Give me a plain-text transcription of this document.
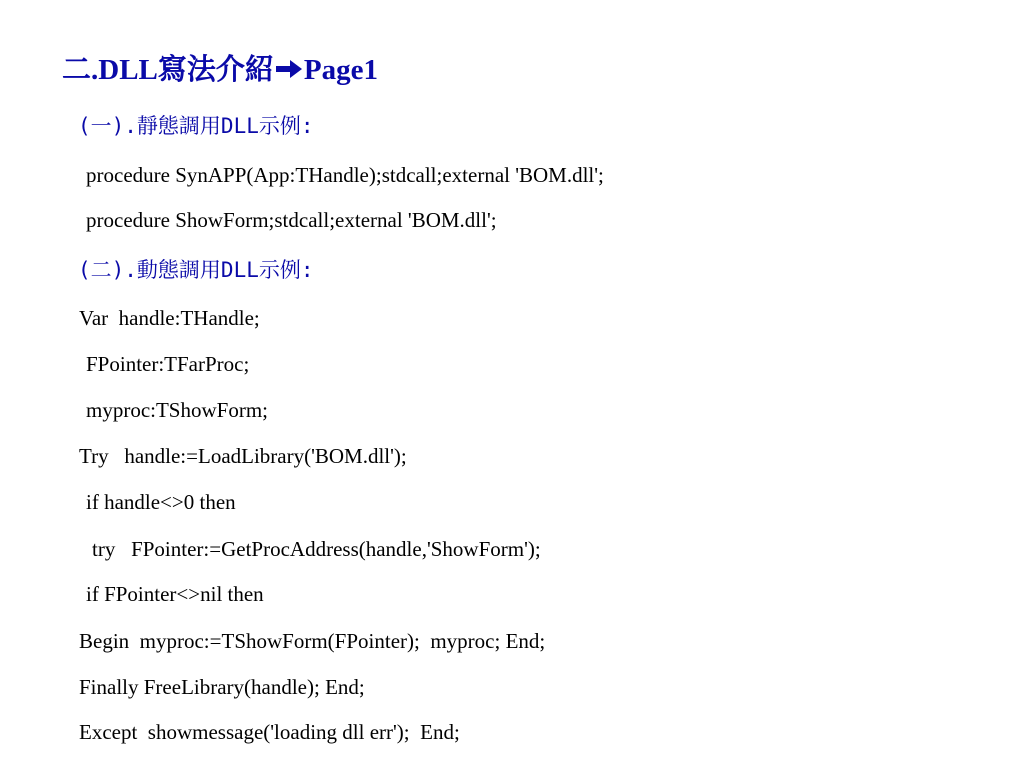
二.DLL寫法介紹 Page1
(一).靜態調用DLL示例:
procedure SynAPP(App:THandle);stdcall;external 'BOM.dll';
procedure ShowForm;stdcall;external 'BOM.dll';
(二).動態調用DLL示例:
Var  handle:THandle;
FPointer:TFarProc;
myproc:TShowForm;
Try   handle:=LoadLibrary('BOM.dll');
if handle<>0 then
try   FPointer:=GetProcAddress(handle,'ShowForm');
if FPointer<>nil then
Begin  myproc:=TShowForm(FPointer);  myproc; End;
Finally FreeLibrary(handle); End;
Except  showmessage('loading dll err');  End;
